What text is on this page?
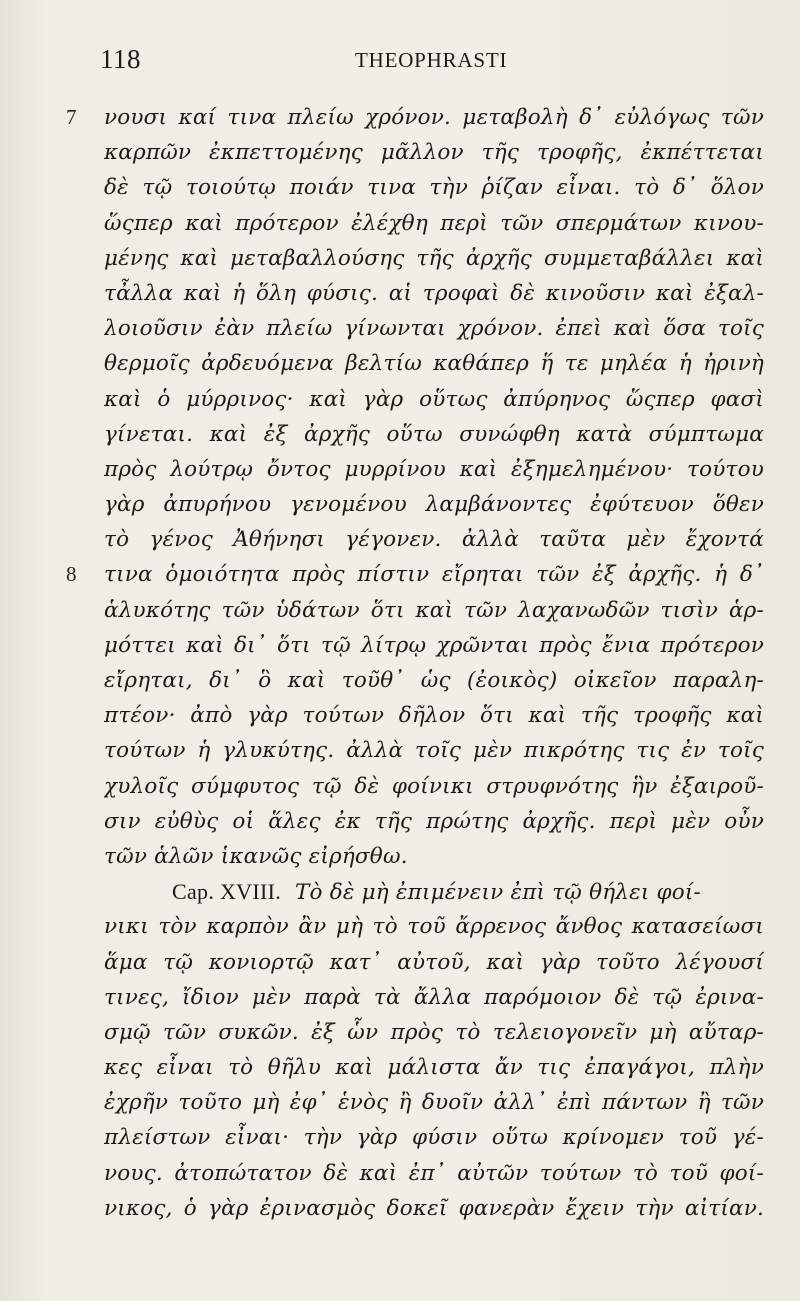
118	THEOPHRASTI
7 νουσι καί τινα πλείω χρόνον. μεταβολὴ δ᾽ εὐλόγως τῶν
καρπῶν ἐκπεττομένης μᾶλλον τῆς τροφῆς, ἐκπέττεται
δὲ τῷ τοιούτῳ ποιάν τινα τὴν ῥίζαν εἶναι. τὸ δ᾽ ὅλον
ὥςπερ καὶ πρότερον ἐλέχθη περὶ τῶν σπερμάτων κινου-
μένης καὶ μεταβαλλούσης τῆς ἀρχῆς συμμεταβάλλει καὶ
τἆλλα καὶ ἡ ὅλη φύσις. αἱ τροφαὶ δὲ κινοῦσιν καὶ ἐξαλ-
λοιοῦσιν ἐὰν πλείω γίνωνται χρόνον. ἐπεὶ καὶ ὅσα τοῖς
θερμοῖς ἀρδευόμενα βελτίω καθάπερ ἥ τε μηλέα ἡ ἠρινὴ
καὶ ὁ μύρρινος· καὶ γὰρ οὕτως ἀπύρηνος ὥςπερ φασὶ
γίνεται. καὶ ἐξ ἀρχῆς οὕτω συνώφθη κατὰ σύμπτωμα
πρὸς λούτρῳ ὄντος μυρρίνου καὶ ἐξημελημένου· τούτου
γὰρ ἀπυρήνου γενομένου λαμβάνοντες ἐφύτευον ὅθεν
τὸ γένος Ἀθήνησι γέγονεν. ἀλλὰ ταῦτα μὲν ἔχοντά
8 τινα ὁμοιότητα πρὸς πίστιν εἴρηται τῶν ἐξ ἀρχῆς. ἡ δ᾽
ἁλυκότης τῶν ὑδάτων ὅτι καὶ τῶν λαχανωδῶν τισὶν ἁρ-
μόττει καὶ δι᾽ ὅτι τῷ λίτρῳ χρῶνται πρὸς ἔνια πρότερον
εἴρηται, δι᾽ ὃ καὶ τοῦθ᾽ ὡς (ἐοικὸς) οἰκεῖον παραλη-
πτέον· ἀπὸ γὰρ τούτων δῆλον ὅτι καὶ τῆς τροφῆς καὶ
τούτων ἡ γλυκύτης. ἀλλὰ τοῖς μὲν πικρότης τις ἐν τοῖς
χυλοῖς σύμφυτος τῷ δὲ φοίνικι στρυφνότης ἣν ἐξαιροῦ-
σιν εὐθὺς οἱ ἅλες ἐκ τῆς πρώτης ἀρχῆς. περὶ μὲν οὖν
τῶν ἁλῶν ἱκανῶς εἰρήσθω.
Cap. XVIII. Τὸ δὲ μὴ ἐπιμένειν ἐπὶ τῷ θήλει φοί-
νικι τὸν καρπὸν ἂν μὴ τὸ τοῦ ἄρρενος ἄνθος κατασείωσι
ἅμα τῷ κονιορτῷ κατ᾽ αὐτοῦ, καὶ γὰρ τοῦτο λέγουσί
τινες, ἴδιον μὲν παρὰ τὰ ἄλλα παρόμοιον δὲ τῷ ἐρινα-
σμῷ τῶν συκῶν. ἐξ ὧν πρὸς τὸ τελειογονεῖν μὴ αὔταρ-
κες εἶναι τὸ θῆλυ καὶ μάλιστα ἄν τις ἐπαγάγοι, πλὴν
ἐχρῆν τοῦτο μὴ ἐφ᾽ ἑνὸς ἢ δυοῖν ἀλλ᾽ ἐπὶ πάντων ἢ τῶν
πλείστων εἶναι· τὴν γὰρ φύσιν οὕτω κρίνομεν τοῦ γέ-
νους. ἀτοπώτατον δὲ καὶ ἐπ᾽ αὐτῶν τούτων τὸ τοῦ φοί-
νικος, ὁ γὰρ ἐρινασμὸς δοκεῖ φανερὰν ἔχειν τὴν αἰτίαν.
